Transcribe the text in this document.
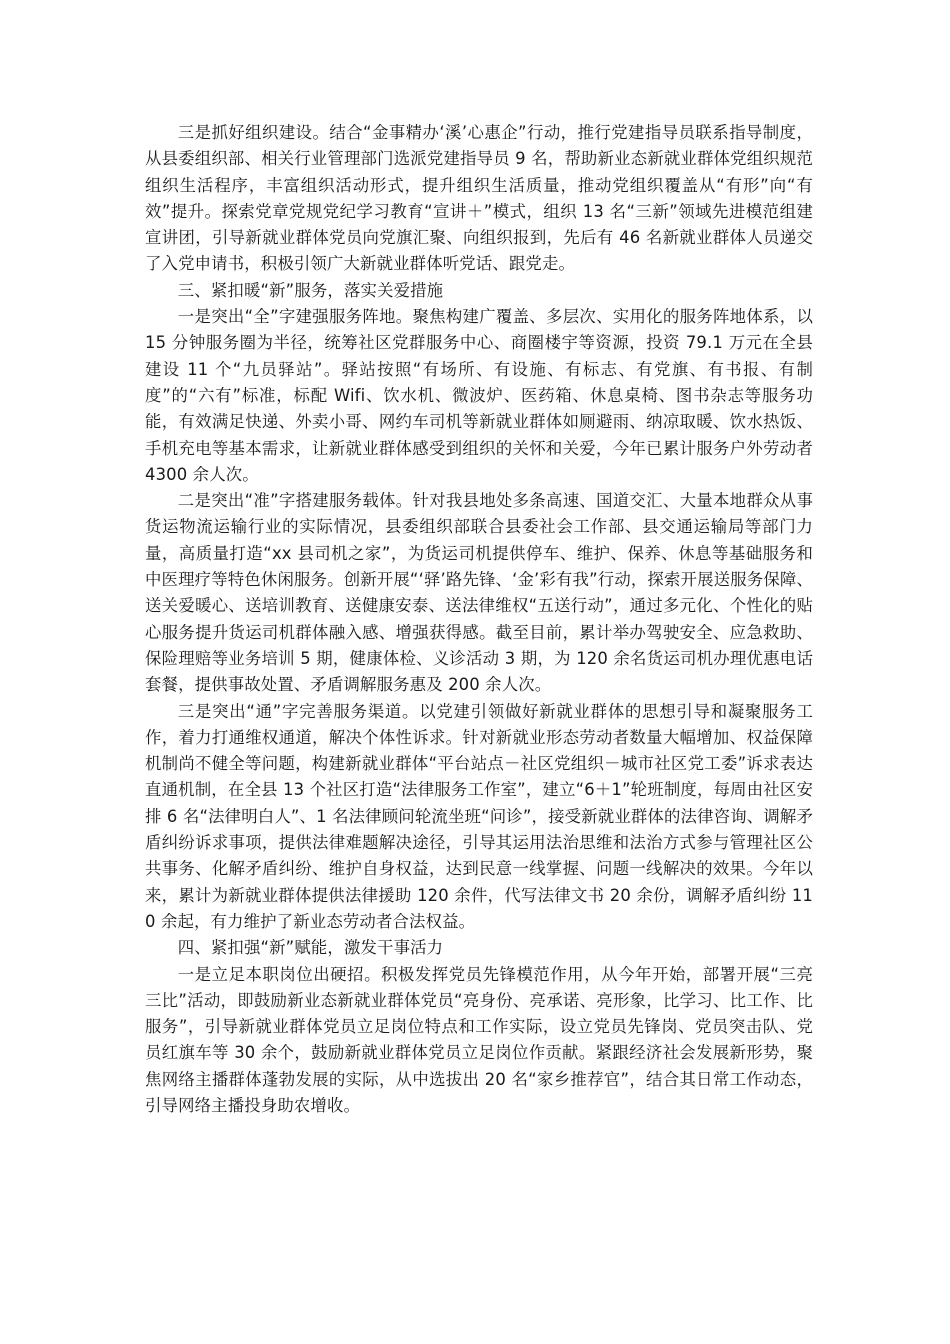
三是抓好组织建设。结合“金事精办‘溪’心惠企”行动，推行党建指导员联系指导制度，从县委组织部、相关行业管理部门选派党建指导员 9 名，帮助新业态新就业群体党组织规范组织生活程序，丰富组织活动形式，提升组织生活质量，推动党组织覆盖从“有形”向“有效”提升。探索党章党规党纪学习教育“宣讲＋”模式，组织 13 名“三新”领域先进模范组建宣讲团，引导新就业群体党员向党旗汇聚、向组织报到，先后有 46 名新就业群体人员递交了入党申请书，积极引领广大新就业群体听党话、跟党走。

三、紧扣暖“新”服务，落实关爱措施

一是突出“全”字建强服务阵地。聚焦构建广覆盖、多层次、实用化的服务阵地体系，以 15 分钟服务圈为半径，统筹社区党群服务中心、商圈楼宇等资源，投资 79.1 万元在全县建设 11 个“九员驿站”。驿站按照“有场所、有设施、有标志、有党旗、有书报、有制度”的“六有”标准，标配 Wifi、饮水机、微波炉、医药箱、休息桌椅、图书杂志等服务功能，有效满足快递、外卖小哥、网约车司机等新就业群体如厕避雨、纳凉取暖、饮水热饭、手机充电等基本需求，让新就业群体感受到组织的关怀和关爱，今年已累计服务户外劳动者 4300 余人次。

二是突出“准”字搭建服务载体。针对我县地处多条高速、国道交汇、大量本地群众从事货运物流运输行业的实际情况，县委组织部联合县委社会工作部、县交通运输局等部门力量，高质量打造“xx 县司机之家”，为货运司机提供停车、维护、保养、休息等基础服务和中医理疗等特色休闲服务。创新开展“‘驿’路先锋、‘金’彩有我”行动，探索开展送服务保障、送关爱暖心、送培训教育、送健康安泰、送法律维权“五送行动”，通过多元化、个性化的贴心服务提升货运司机群体融入感、增强获得感。截至目前，累计举办驾驶安全、应急救助、保险理赔等业务培训 5 期，健康体检、义诊活动 3 期，为 120 余名货运司机办理优惠电话套餐，提供事故处置、矛盾调解服务惠及 200 余人次。

三是突出“通”字完善服务渠道。以党建引领做好新就业群体的思想引导和凝聚服务工作，着力打通维权通道，解决个体性诉求。针对新就业形态劳动者数量大幅增加、权益保障机制尚不健全等问题，构建新就业群体“平台站点－社区党组织－城市社区党工委”诉求表达直通机制，在全县 13 个社区打造“法律服务工作室”，建立“6＋1”轮班制度，每周由社区安排 6 名“法律明白人”、1 名法律顾问轮流坐班“问诊”，接受新就业群体的法律咨询、调解矛盾纠纷诉求事项，提供法律难题解决途径，引导其运用法治思维和法治方式参与管理社区公共事务、化解矛盾纠纷、维护自身权益，达到民意一线掌握、问题一线解决的效果。今年以来，累计为新就业群体提供法律援助 120 余件，代写法律文书 20 余份，调解矛盾纠纷 110 余起，有力维护了新业态劳动者合法权益。

四、紧扣强“新”赋能，激发干事活力

一是立足本职岗位出硬招。积极发挥党员先锋模范作用，从今年开始，部署开展“三亮三比”活动，即鼓励新业态新就业群体党员“亮身份、亮承诺、亮形象，比学习、比工作、比服务”，引导新就业群体党员立足岗位特点和工作实际，设立党员先锋岗、党员突击队、党员红旗车等 30 余个，鼓励新就业群体党员立足岗位作贡献。紧跟经济社会发展新形势，聚焦网络主播群体蓬勃发展的实际，从中选拔出 20 名“家乡推荐官”，结合其日常工作动态，引导网络主播投身助农增收。
